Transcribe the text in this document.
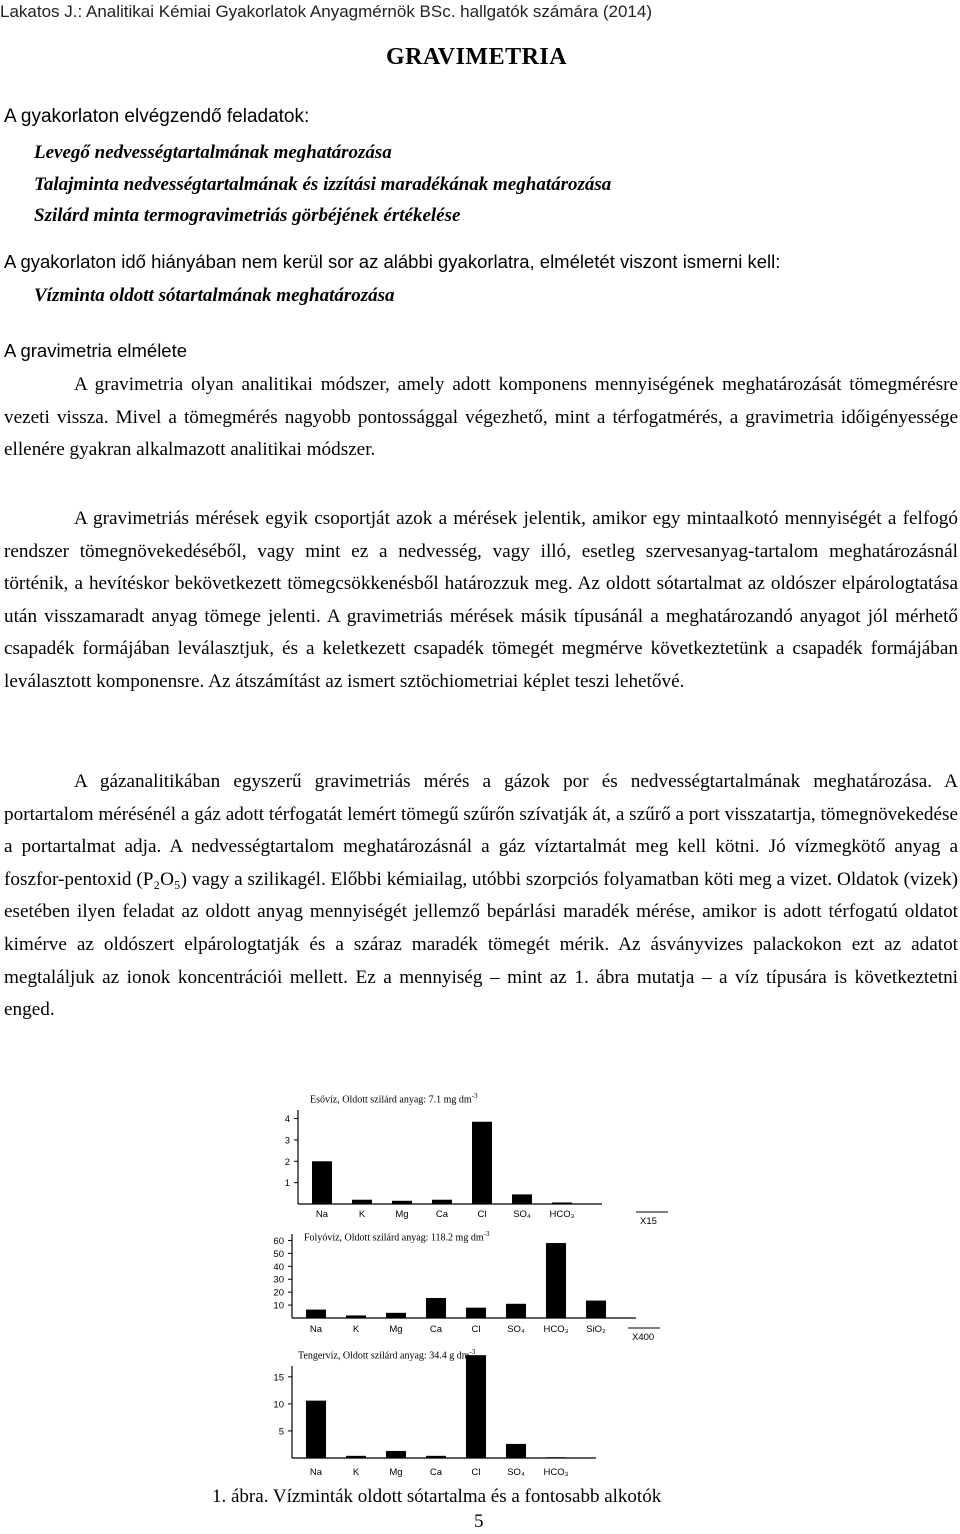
Lakatos J.: Analitikai Kémiai Gyakorlatok Anyagmérnök BSc. hallgatók számára (2014)
GRAVIMETRIA
A gyakorlaton elvégzendő feladatok:
Levegő nedvességtartalmának meghatározása
Talajminta nedvességtartalmának és izzítási maradékának meghatározása
Szilárd minta termogravimetriás görbéjének értékelése
A gyakorlaton idő hiányában nem kerül sor az alábbi gyakorlatra, elméletét viszont ismerni kell:
Vízminta oldott sótartalmának meghatározása
A gravimetria elmélete

A gravimetria olyan analitikai módszer, amely adott komponens mennyiségének meghatározását tömegmérésre vezeti vissza. Mivel a tömegmérés nagyobb pontossággal végezhető, mint a térfogatmérés, a gravimetria időigényessége ellenére gyakran alkalmazott analitikai módszer.

A gravimetriás mérések egyik csoportját azok a mérések jelentik, amikor egy mintaalkotó mennyiségét a felfogó rendszer tömegnövekedéséből, vagy mint ez a nedvesség, vagy illó, esetleg szervesanyag-tartalom meghatározásnál történik, a hevítéskor bekövetkezett tömegcsökkenésből határozzuk meg. Az oldott sótartalmat az oldószer elpárologtatása után visszamaradt anyag tömege jelenti. A gravimetriás mérések másik típusánál a meghatározandó anyagot jól mérhető csapadék formájában leválasztjuk, és a keletkezett csapadék tömegét megmérve következtetünk a csapadék formájában leválasztott komponensre. Az átszámítást az ismert sztöchiometriai képlet teszi lehetővé.

A gázanalitikában egyszerű gravimetriás mérés a gázok por és nedvességtartalmának meghatározása. A portartalom mérésénél a gáz adott térfogatát lemért tömegű szűrőn szívatják át, a szűrő a port visszatartja, tömegnövekedése a portartalmat adja. A nedvességtartalom meghatározásnál a gáz víztartalmát meg kell kötni. Jó vízmegkötő anyag a foszfor-pentoxid (P₂O₅) vagy a szilikagél. Előbbi kémiailag, utóbbi szorpciós folyamatban köti meg a vizet. Oldatok (vizek) esetében ilyen feladat az oldott anyag mennyiségét jellemző bepárlási maradék mérése, amikor is adott térfogatú oldatot kimérve az oldószert elpárologtatják és a száraz maradék tömegét mérik. Az ásványvizes palackokon ezt az adatot megtaláljuk az ionok koncentrációi mellett. Ez a mennyiség – mint az 1. ábra mutatja – a víz típusára is következtetni enged.

Esővíz, Oldott szilárd anyag: 7.1 mg $dm^{-3}$
1
2
3
4
Na	K	Mg	Ca	Cl	SO₄ HCO₃
X15
Folyóvíz, Oldott szilárd anyag: 118.2 mg $dm^{-3}$
10
20
30
40
50
60
Na	K	Mg	Ca	Cl	SO₄ HCO₃ SiO₂
X400
Tengervíz, Oldott szilárd anyag: 34.4 g $dm^{-3}$
5
10
15
Na	K	Mg	Ca	Cl	SO₄ HCO₃
1. ábra. Vízminták oldott sótartalma és a fontosabb alkotók
5
